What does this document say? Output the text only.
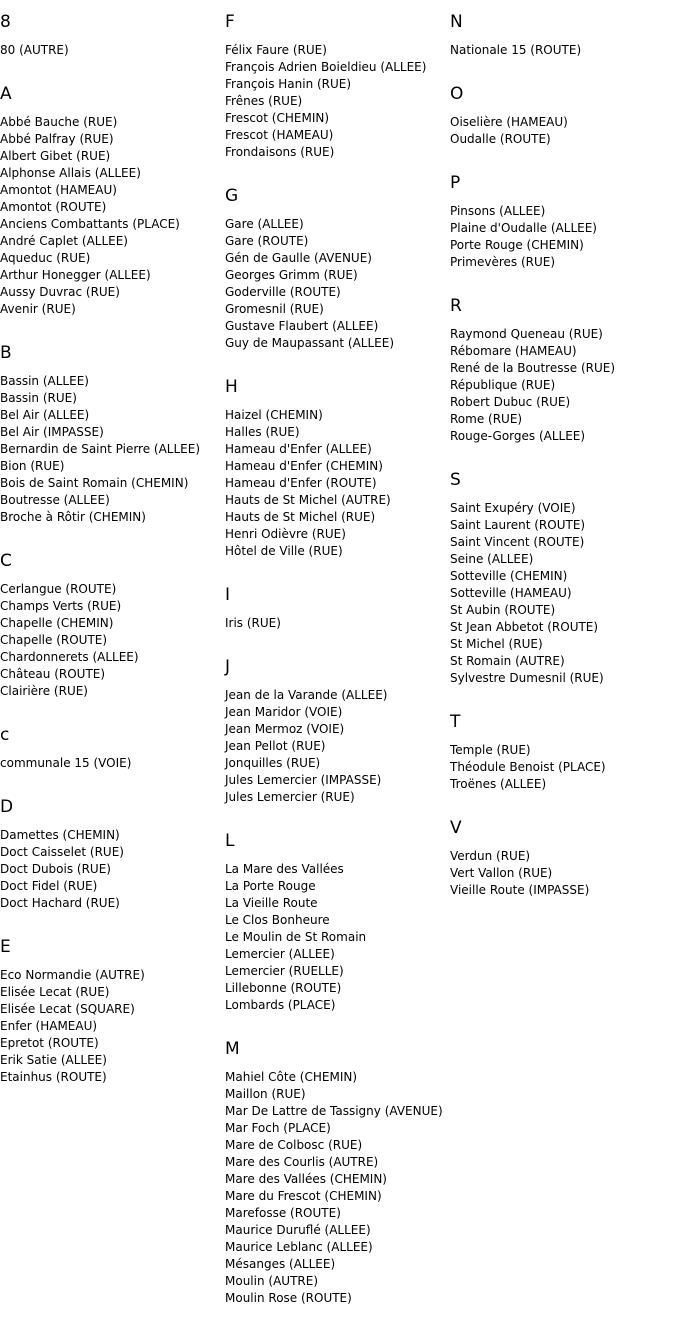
8
80 (AUTRE)
A
Abbé Bauche (RUE)
Abbé Palfray (RUE)
Albert Gibet (RUE)
Alphonse Allais (ALLEE)
Amontot (HAMEAU)
Amontot (ROUTE)
Anciens Combattants (PLACE)
André Caplet (ALLEE)
Aqueduc (RUE)
Arthur Honegger (ALLEE)
Aussy Duvrac (RUE)
Avenir (RUE)
B
Bassin (ALLEE)
Bassin (RUE)
Bel Air (ALLEE)
Bel Air (IMPASSE)
Bernardin de Saint Pierre (ALLEE)
Bion (RUE)
Bois de Saint Romain (CHEMIN)
Boutresse (ALLEE)
Broche à Rôtir (CHEMIN)
C
Cerlangue (ROUTE)
Champs Verts (RUE)
Chapelle (CHEMIN)
Chapelle (ROUTE)
Chardonnerets (ALLEE)
Château (ROUTE)
Clairière (RUE)
c
communale 15 (VOIE)
D
Damettes (CHEMIN)
Doct Caisselet (RUE)
Doct Dubois (RUE)
Doct Fidel (RUE)
Doct Hachard (RUE)
E
Eco Normandie (AUTRE)
Elisée Lecat (RUE)
Elisée Lecat (SQUARE)
Enfer (HAMEAU)
Epretot (ROUTE)
Erik Satie (ALLEE)
Etainhus (ROUTE)
F
Félix Faure (RUE)
François Adrien Boieldieu (ALLEE)
François Hanin (RUE)
Frênes (RUE)
Frescot (CHEMIN)
Frescot (HAMEAU)
Frondaisons (RUE)
G
Gare (ALLEE)
Gare (ROUTE)
Gén de Gaulle (AVENUE)
Georges Grimm (RUE)
Goderville (ROUTE)
Gromesnil (RUE)
Gustave Flaubert (ALLEE)
Guy de Maupassant (ALLEE)
H
Haizel (CHEMIN)
Halles (RUE)
Hameau d'Enfer (ALLEE)
Hameau d'Enfer (CHEMIN)
Hameau d'Enfer (ROUTE)
Hauts de St Michel (AUTRE)
Hauts de St Michel (RUE)
Henri Odièvre (RUE)
Hôtel de Ville (RUE)
I
Iris (RUE)
J
Jean de la Varande (ALLEE)
Jean Maridor (VOIE)
Jean Mermoz (VOIE)
Jean Pellot (RUE)
Jonquilles (RUE)
Jules Lemercier (IMPASSE)
Jules Lemercier (RUE)
L
La Mare des Vallées
La Porte Rouge
La Vieille Route
Le Clos Bonheure
Le Moulin de St Romain
Lemercier (ALLEE)
Lemercier (RUELLE)
Lillebonne (ROUTE)
Lombards (PLACE)
M
Mahiel Côte (CHEMIN)
Maillon (RUE)
Mar De Lattre de Tassigny (AVENUE)
Mar Foch (PLACE)
Mare de Colbosc (RUE)
Mare des Courlis (AUTRE)
Mare des Vallées (CHEMIN)
Mare du Frescot (CHEMIN)
Marefosse (ROUTE)
Maurice Duruflé (ALLEE)
Maurice Leblanc (ALLEE)
Mésanges (ALLEE)
Moulin (AUTRE)
Moulin Rose (ROUTE)
N
Nationale 15 (ROUTE)
O
Oiselière (HAMEAU)
Oudalle (ROUTE)
P
Pinsons (ALLEE)
Plaine d'Oudalle (ALLEE)
Porte Rouge (CHEMIN)
Primevères (RUE)
R
Raymond Queneau (RUE)
Rébomare (HAMEAU)
René de la Boutresse (RUE)
République (RUE)
Robert Dubuc (RUE)
Rome (RUE)
Rouge-Gorges (ALLEE)
S
Saint Exupéry (VOIE)
Saint Laurent (ROUTE)
Saint Vincent (ROUTE)
Seine (ALLEE)
Sotteville (CHEMIN)
Sotteville (HAMEAU)
St Aubin (ROUTE)
St Jean Abbetot (ROUTE)
St Michel (RUE)
St Romain (AUTRE)
Sylvestre Dumesnil (RUE)
T
Temple (RUE)
Théodule Benoist (PLACE)
Troënes (ALLEE)
V
Verdun (RUE)
Vert Vallon (RUE)
Vieille Route (IMPASSE)
